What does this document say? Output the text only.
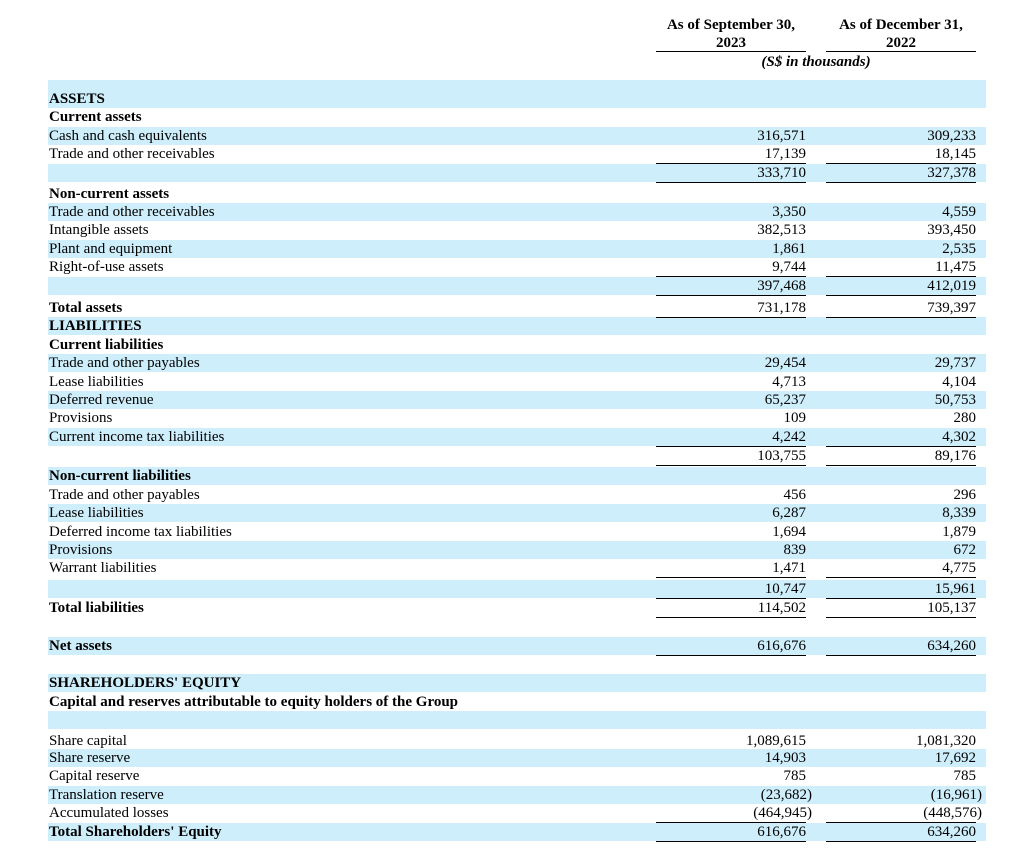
As of September 30,
2023
As of December 31,
2022
(S$ in thousands)
ASSETS
Current assets
Cash and cash equivalents	316,571	309,233
Trade and other receivables	17,139	18,145
333,710	327,378
Non-current assets
Trade and other receivables	3,350	4,559
Intangible assets	382,513	393,450
Plant and equipment	1,861	2,535
Right-of-use assets	9,744	11,475
397,468	412,019
Total assets	731,178	739,397
LIABILITIES
Current liabilities
Trade and other payables	29,454	29,737
Lease liabilities	4,713	4,104
Deferred revenue	65,237	50,753
Provisions	109	280
Current income tax liabilities	4,242	4,302
103,755	89,176
Non-current liabilities
Trade and other payables	456	296
Lease liabilities	6,287	8,339
Deferred income tax liabilities	1,694	1,879
Provisions	839	672
Warrant liabilities	1,471	4,775
10,747	15,961
Total liabilities	114,502	105,137
Net assets	616,676	634,260
SHAREHOLDERS' EQUITY
Capital and reserves attributable to equity holders of the Group
Share capital	1,089,615	1,081,320
Share reserve	14,903	17,692
Capital reserve	785	785
Translation reserve	(23,682)	(16,961)
Accumulated losses	(464,945)	(448,576)
Total Shareholders' Equity	616,676	634,260
